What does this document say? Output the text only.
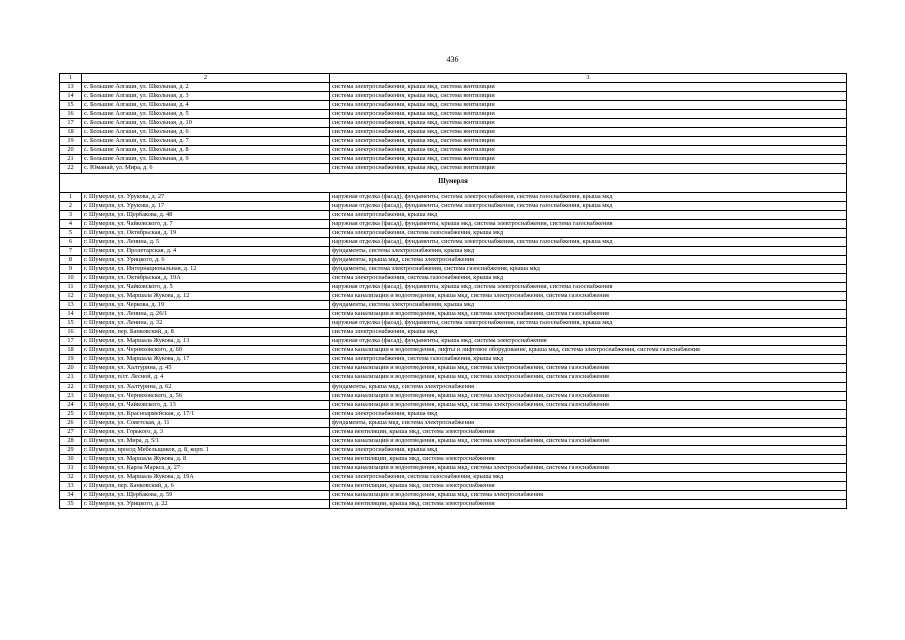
436
1	2	3
13	с. Большие Алгаши, ул. Школьная, д. 2	система электроснабжения, крыша мкд, система вентиляции
14	с. Большие Алгаши, ул. Школьная, д. 3	система электроснабжения, крыша мкд, система вентиляции
15	с. Большие Алгаши, ул. Школьная, д. 4	система электроснабжения, крыша мкд, система вентиляции
16	с. Большие Алгаши, ул. Школьная, д. 5	система электроснабжения, крыша мкд, система вентиляции
17	с. Большие Алгаши, ул. Школьная, д. 10	система электроснабжения, крыша мкд, система вентиляции
18	с. Большие Алгаши, ул. Школьная, д. 6	система электроснабжения, крыша мкд, система вентиляции
19	с. Большие Алгаши, ул. Школьная, д. 7	система электроснабжения, крыша мкд, система вентиляции
20	с. Большие Алгаши, ул. Школьная, д. 8	система электроснабжения, крыша мкд, система вентиляции
21	с. Большие Алгаши, ул. Школьная, д. 9	система электроснабжения, крыша мкд, система вентиляции
22	с. Юманай, ул. Мира, д. 6	система электроснабжения, крыша мкд, система вентиляции
Шумерля		
1	г. Шумерля, ул. Урукова, д. 27	наружная отделка (фасад), фундаменты, система электроснабжения, система газоснабжения, крыша мкд
2	г. Шумерля, ул. Урукова, д. 17	наружная отделка (фасад), фундаменты, система электроснабжения, система газоснабжения, крыша мкд
3	г. Шумерля, ул. Щербакова, д. 48	система электроснабжения, крыша мкд
4	г. Шумерля, ул. Чайковского, д. 7	наружная отделка (фасад), фундаменты, крыша мкд, система электроснабжения, система газоснабжения
5	г. Шумерля, ул. Октябрьская, д. 19	система электроснабжения, система газоснабжения, крыша мкд
6	г. Шумерля, ул. Ленина, д. 5	наружная отделка (фасад), фундаменты, система электроснабжения, система газоснабжения, крыша мкд
7	г. Шумерля, ул. Пролетарская, д. 4	фундаменты, система электроснабжения, крыша мкд
8	г. Шумерля, ул. Урицкого, д. 6	фундаменты, крыша мкд, система электроснабжения
9	г. Шумерля, ул. Интернациональная, д. 12	фундаменты, система электроснабжения, система газоснабжения, крыша мкд
10	г. Шумерля, ул. Октябрьская, д. 19А	система электроснабжения, система газоснабжения, крыша мкд
11	г. Шумерля, ул. Чайковского, д. 5	наружная отделка (фасад), фундаменты, крыша мкд, система электроснабжения, система газоснабжения
12	г. Шумерля, ул. Маршала Жукова, д. 12	система канализации и водоотведения, крыша мкд, система электроснабжения, система газоснабжения
13	г. Шумерля, ул. Черкова, д. 19	фундаменты, система электроснабжения, крыша мкд
14	г. Шумерля, ул. Ленина, д. 26/1	система канализации и водоотведения, крыша мкд, система электроснабжения, система газоснабжения
15	г. Шумерля, ул. Ленина, д. 32	наружная отделка (фасад), фундаменты, система электроснабжения, система газоснабжения, крыша мкд
16	г. Шумерля, пер. Банковский, д. 8	система электроснабжения, крыша мкд
17	г. Шумерля, ул. Маршала Жукова, д. 13	наружная отделка (фасад), фундаменты, крыша мкд, система электроснабжения
18	г. Шумерля, ул. Черняховского, д. 60	система канализации и водоотведения, лифты и лифтовое оборудование, крыша мкд, система электроснабжения, система газоснабжения
19	г. Шумерля, ул. Маршала Жукова, д. 17	система электроснабжения, система газоснабжения, крыша мкд
20	г. Шумерля, ул. Халтурина, д. 45	система канализации и водоотведения, крыша мкд, система электроснабжения, система газоснабжения
21	г. Шумерля, п/ст. Лесной, д. 4	система канализации и водоотведения, крыша мкд, система электроснабжения, система газоснабжения
22	г. Шумерля, ул. Халтурина, д. 62	фундаменты, крыша мкд, система электроснабжения
23	г. Шумерля, ул. Черняховского, д. 56	система канализации и водоотведения, крыша мкд, система электроснабжения, система газоснабжения
24	г. Шумерля, ул. Чайковского, д. 13	система канализации и водоотведения, крыша мкд, система электроснабжения, система газоснабжения
25	г. Шумерля, ул. Красноармейская, д. 17/1	система электроснабжения, крыша мкд
26	г. Шумерля, ул. Советская, д. 11	фундаменты, крыша мкд, система электроснабжения
27	г. Шумерля, ул. Горького, д. 3	система вентиляции, крыша мкд, система электроснабжения
28	г. Шумерля, ул. Мира, д. 5/1	система канализации и водоотведения, крыша мкд, система электроснабжения, система газоснабжения
29	г. Шумерля, проезд Мебельщиков, д. 8, корп. 1	система электроснабжения, крыша мкд
30	г. Шумерля, ул. Маршала Жукова, д. 8	система вентиляции, крыша мкд, система электроснабжения
31	г. Шумерля, ул. Карла Маркса, д. 27	система канализации и водоотведения, крыша мкд, система электроснабжения, система газоснабжения
32	г. Шумерля, ул. Маршала Жукова, д. 19А	система электроснабжения, система газоснабжения, крыша мкд
33	г. Шумерля, пер. Банковский, д. 6	система вентиляции, крыша мкд, система электроснабжения
34	г. Шумерля, ул. Щербакова, д. 59	система канализации и водоотведения, крыша мкд, система электроснабжения
35	г. Шумерля, ул. Урицкого, д. 22	система вентиляции, крыша мкд, система электроснабжения
